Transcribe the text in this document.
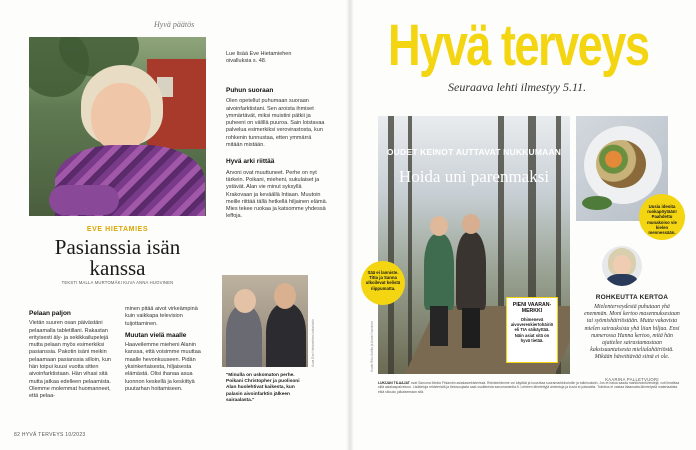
Hyvä päätös
Lue lisää Eve Hietamiehen oivalluksia s. 48.
Puhun suoraan

Olen opetellut puhumaan suoraan aivoinfarktistani. Sen aroista ihmiset ymmärtävät, miksi muistini pätkii ja puheeni on välillä puuroa. Sain loistavaa palvelua esimerkiksi verovirastosta, kun rohkenin tunnustaa, etten ymmärrä mitään mistään.

Hyvä arki riittää

Arvoni ovat muuttuneet. Perhe on nyt tärkein. Poikani, mieheni, sukulaiset ja ystävät. Alan vie minut syksyllä Krakovaan ja keväällä Intiaan. Muutoin meille riittää tällä hetkellä hiljainen elämä. Mies tekee ruokaa ja katsomme yhdessä leffoja.

EVE HIETAMIES
Pasianssia isän kanssa
TEKSTI MALLA MURTOMÄKI KUVA ANNA HUOVINEN
Pelaan paljon

Vietän suuren osan päivästäni pelaamalla tabletillani. Rakastan erityisesti äly- ja sekikkailupelejä mutta pelaan myös esimerkiksi pasianssia. Pakotin isäni meikin pelaamaan pasianssia silloin, kun hän toipui kuusi vuotta sitten aivoinfarktistaan. Hän vihasi sitä mutta jatkaa edelleen pelaamista. Olemme molemmat huomanneet, että pelaa-

minen pitää aivot virkeämpinä kuin vaikkapa television tuijottaminen.

Muutan vielä maalle

Haaveilemme mieheni Alanin kanssa, että voisimme muuttaa maalle hevonkuuseen. Pidän yksinkertaisesta, hiljaisesta elämästä. Olisi ihanaa asua luonnon keskellä ja keskittyä puutarhan hoitamiseen.

Kuva Eve Hietamiehen kotiarkisto
"Minulla on uskomaton perhe. Poikani Christopher ja puolisoni Alan huolehtivat kaikesta, kun palasin aivoinfarktin jälkeen sairaalasta."
82 HYVÄ TERVEYS 10/2023
Hyvä terveys
Seuraava lehti ilmestyy 5.11.
OUDET KEINOT AUTTAVAT NUKKUMAAN
Hoida uni parenmaksi
Kuvat Riku Anttila ja Anna Huovinen
Sää ei lanniste. Titta ja Sanna ulkoilevat kelistä riippumatta.
PIENI VAARAN-MERKKI
Ohimenevä aivoverenkiertohäiriö eli TIA säikäyttää. Näin asiat sitä on hyvä tietää.
Uusia ideoita ruokapöytään! Paahdettu munakoiso vie kielen mennessään.
ROHKEUTTA KERTOA
Mielenterveydestä puhutaan yhä enemmän. Moni kertoo masennuksestaan tai syömishäiriöstään. Mutta vakavista mielen sairauksista yhä liian hiljaa. Ensi numerossa Hanna kertoo, mitä hän ajattelee sairastamastaan kaksisuuntaisesta mielialahäiriöstä. Mikään häveittävää siinä ei ole.
KAARINA PALLETVUORI
LUKIJAN TILAAJAT ovat Sanoma Media Finlandin asiakasrekisterissä. Rekisteriämme voi käyttää ja luovuttaa suoramarkkinointiin ja tutkimuksiin. Jos et halua saada markkinointiviestejä, voit ilmoittaa siitä asiakaspalveluun. Lisätietoja rekisteristä ja tietosuojasta saat osoitteesta sanomamedia.fi. Lehteen lähetettyjä aineistoja ja kuvia ei palauteta. Toimitus ei vastaa tilaamatta lähetetystä materiaalista eikä sitoudu julkaisemaan sitä.
